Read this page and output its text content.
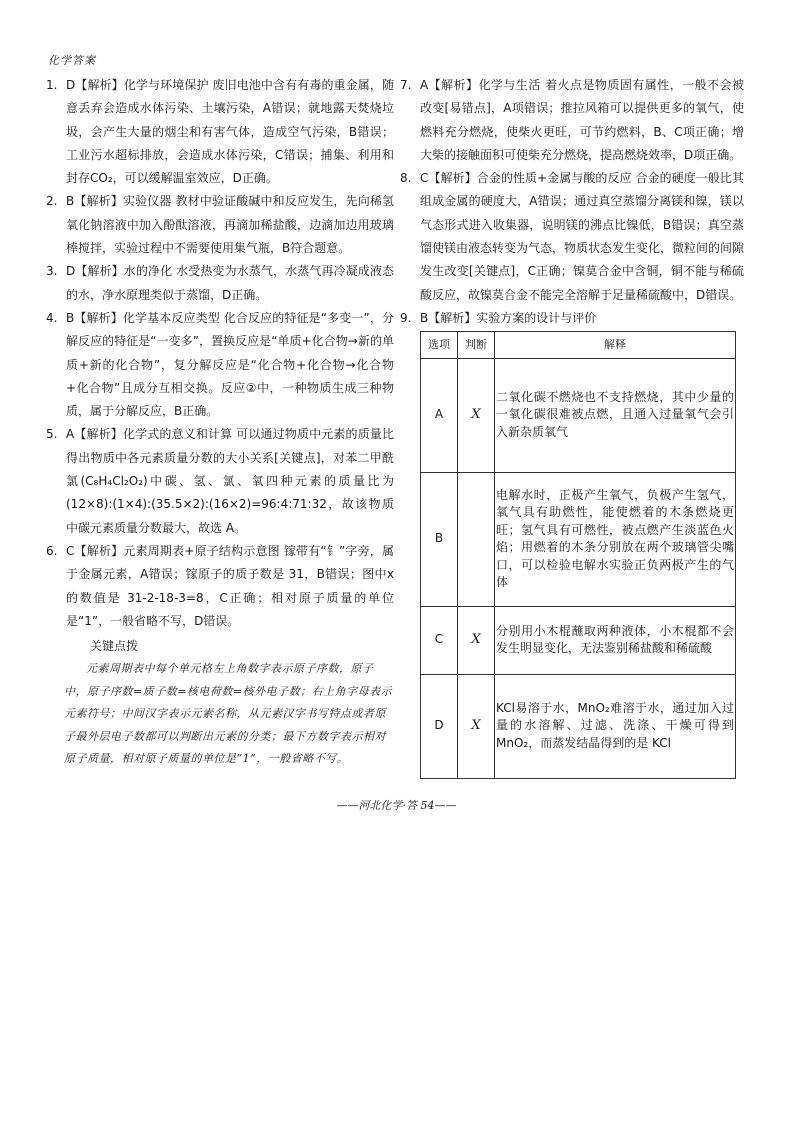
化学答案
1. D【解析】化学与环境保护 废旧电池中含有有毒的重金属，随意丢弃会造成水体污染、土壤污染，A错误；就地露天焚烧垃圾，会产生大量的烟尘和有害气体，造成空气污染，B错误；工业污水超标排放，会造成水体污染，C错误；捕集、利用和封存CO₂，可以缓解温室效应，D正确。
2. B【解析】实验仪器 教材中验证酸碱中和反应发生，先向稀氢氧化钠溶液中加入酚酞溶液，再滴加稀盐酸，边滴加边用玻璃棒搅拌，实验过程中不需要使用集气瓶，B符合题意。
3. D【解析】水的净化 水受热变为水蒸气，水蒸气再冷凝成液态的水，净水原理类似于蒸馏，D正确。
4. B【解析】化学基本反应类型 化合反应的特征是“多变一”，分解反应的特征是“一变多”，置换反应是“单质+化合物→新的单质+新的化合物”，复分解反应是“化合物+化合物→化合物+化合物”且成分互相交换。反应②中，一种物质生成三种物质，属于分解反应，B正确。
5. A【解析】化学式的意义和计算 可以通过物质中元素的质量比得出物质中各元素质量分数的大小关系[关键点]，对苯二甲酰氯(C₈H₄Cl₂O₂)中碳、氢、氯、氧四种元素的质量比为(12×8):(1×4):(35.5×2):(16×2)=96:4:71:32，故该物质中碳元素质量分数最大，故选 A。
6. C【解析】元素周期表+原子结构示意图 镓带有“钅”字旁，属于金属元素，A错误；镓原子的质子数是 31，B错误；图中x的数值是 31-2-18-3=8，C正确；相对原子质量的单位是“1”，一般省略不写，D错误。
关键点拨
元素周期表中每个单元格左上角数字表示原子序数，原子中，原子序数=质子数=核电荷数=核外电子数；右上角字母表示元素符号；中间汉字表示元素名称，从元素汉字书写特点或者原子最外层电子数都可以判断出元素的分类；最下方数字表示相对原子质量，相对原子质量的单位是“1”，一般省略不写。
7. A【解析】化学与生活 着火点是物质固有属性，一般不会被改变[易错点]，A项错误；推拉风箱可以提供更多的氧气，使燃料充分燃烧，使柴火更旺，可节约燃料，B、C项正确；增大柴的接触面积可使柴充分燃烧，提高燃烧效率，D项正确。
8. C【解析】合金的性质+金属与酸的反应 合金的硬度一般比其组成金属的硬度大，A错误；通过真空蒸馏分离镁和镍，镁以气态形式进入收集器，说明镁的沸点比镍低，B错误；真空蒸馏使镁由液态转变为气态，物质状态发生变化，微粒间的间隙发生改变[关键点]，C正确；镍莫合金中含铜，铜不能与稀硫酸反应，故镍莫合金不能完全溶解于足量稀硫酸中，D错误。
9. B【解析】实验方案的设计与评价
选项	判断	解释
A	X	二氧化碳不燃烧也不支持燃烧，其中少量的一氧化碳很难被点燃，且通入过量氧气会引入新杂质氧气
B		电解水时，正极产生氧气，负极产生氢气，氧气具有助燃性，能使燃着的木条燃烧更旺；氢气具有可燃性，被点燃产生淡蓝色火焰；用燃着的木条分别放在两个玻璃管尖嘴口，可以检验电解水实验正负两极产生的气体
C	X	分别用小木棍蘸取两种液体，小木棍都不会发生明显变化，无法鉴别稀盐酸和稀硫酸
D	X	KCl易溶于水，MnO₂难溶于水，通过加入过量的水溶解、过滤、洗涤、干燥可得到 MnO₂，而蒸发结晶得到的是 KCl
——河北化学·答 54——
